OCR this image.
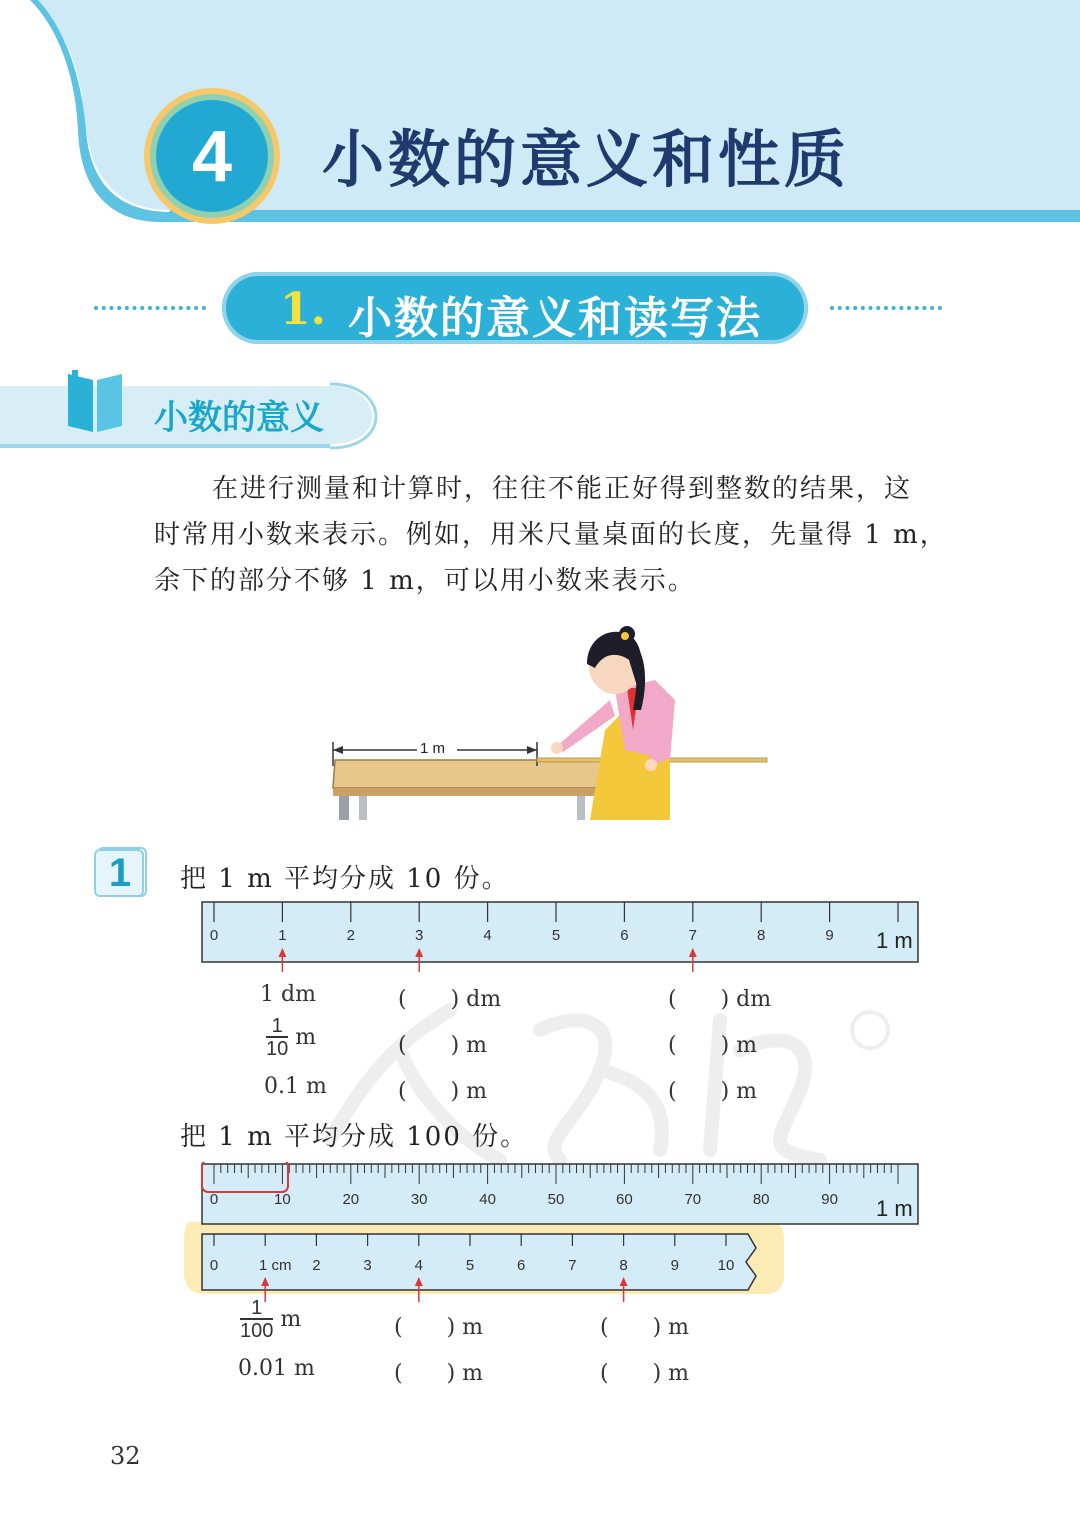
4	小数的意义和性质
1. 小数的意义和读写法
小数的意义
在进行测量和计算时，往往不能正好得到整数的结果，这
时常用小数来表示。例如，用米尺量桌面的长度，先量得 1 m，
余下的部分不够 1 m，可以用小数来表示。
1 m
1	把 1 m 平均分成 10 份。
0	1	2	3	4	5	6	7	8	9 1 m
1 dm	(　　) dm	(　　) dm
$\frac{1}{10}$ m	(　　) m	(　　) m
0.1 m	(　　) m	(　　) m
把 1 m 平均分成 100 份。
0	10	20	30	40	50	60	70	80	90 1 m
0	1 cm 2	3	4	5	6	7	8	9	10
$\frac{1}{100}$ m	(　　) m	(　　) m
0.01 m	(　　) m	(　　) m
32
